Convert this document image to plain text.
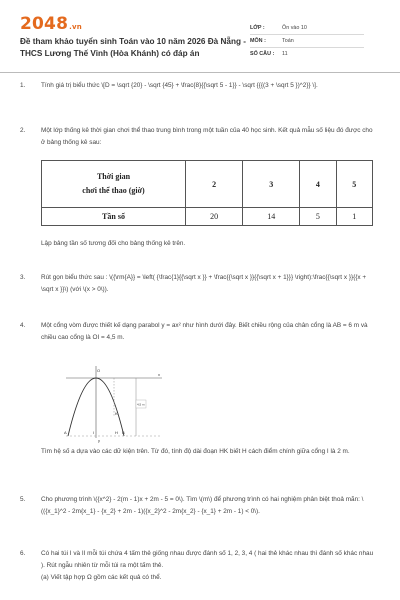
2048.vn
Đề tham khảo tuyển sinh Toán vào 10 năm 2026 Đà Nẵng - THCS Lương Thế Vinh (Hòa Khánh) có đáp án
LỚP :	Ôn vào 10
MÔN :	Toán
SỐ CÂU :	11
1.	Tính giá trị biểu thức \[D = \sqrt {20} - \sqrt {45} + \frac{8}{{\sqrt 5 - 1}} - \sqrt {{{(3 + \sqrt 5 })^2}} \].
2.	Một lớp thống kê thời gian chơi thể thao trung bình trong một tuần của 40 học sinh. Kết quả mẫu số liệu đó được cho ở bảng thống kê sau:
Thời gian
chơi thể thao (giờ)	2	3	4	5
Tần số	20	14	5	1
Lập bảng tần số tương đối cho bảng thống kê trên.
3.	Rút gọn biểu thức sau : \({\rm{A}} = \left( {\frac{1}{{\sqrt x }} + \frac{{\sqrt x }}{{\sqrt x + 1}}} \right):\frac{{\sqrt x }}{{x + \sqrt x }}\) (với \(x > 0\)).
4.	Một cổng vòm được thiết kế dạng parabol y = ax² như hình dưới đây. Biết chiều rộng của chân cổng là AB = 6 m và chiều cao cổng là OI = 4,5 m.
4,5 m
O
x
y
A	B
I	H
K
Tìm hệ số a dựa vào các dữ kiện trên. Từ đó, tính độ dài đoạn HK biết H cách điểm chính giữa cổng I là 2 m.
5.	Cho phương trình \({x^2} - 2(m - 1)x + 2m - 5 = 0\). Tìm \(m\) để phương trình có hai nghiệm phân biệt thoả mãn: \(({x_1}^2 - 2m{x_1} - {x_2} + 2m - 1)({x_2}^2 - 2m{x_2} - {x_1} + 2m - 1) < 0\).
6.	Có hai túi I và II mỗi túi chứa 4 tấm thẻ giống nhau được đánh số 1, 2, 3, 4 ( hai thẻ khác nhau thì đánh số khác nhau ). Rút ngẫu nhiên từ mỗi túi ra một tấm thẻ.
(a) Viết tập hợp Ω gồm các kết quả có thể.
